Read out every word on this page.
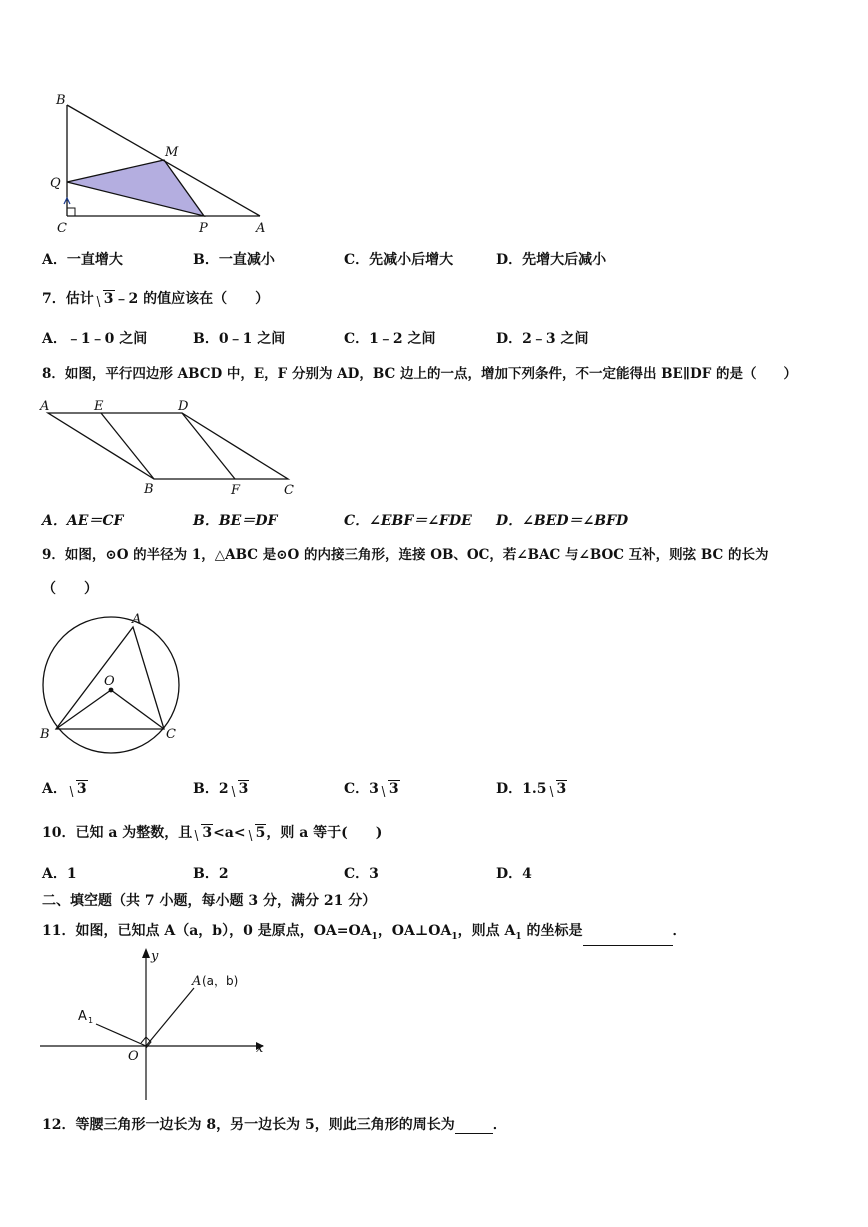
B
M
Q
C	P	A
A．一直增大	B．一直减小	C．先减小后增大	D．先增大后减小
7．估计 3﹣2 的值应该在（　　）
A．﹣1﹣0 之间	B．0﹣1 之间	C．1﹣2 之间	D．2﹣3 之间
8．如图，平行四边形 ABCD 中，E，F 分别为 AD，BC 边上的一点，增加下列条件，不一定能得出 BE∥DF 的是（　　）
A	E	D
B	F	C
A．AE＝CF	B．BE＝DF	C．∠EBF＝∠FDE D．∠BED＝∠BFD
9．如图，⊙O 的半径为 1，△ABC 是⊙O 的内接三角形，连接 OB、OC，若∠BAC 与∠BOC 互补，则弦 BC 的长为
（　　）
A
O
B	C
A． 3	B．2 3	C．3 3	D．1.5 3
10．已知 a 为整数，且 3<a< 5，则 a 等于(　　)
A．1	B．2	C．3	D．4
二、填空题（共 7 小题，每小题 3 分，满分 21 分）
11．如图，已知点 A（a，b），0 是原点，$OA=OA_1$，$OA\perp OA_1$，则点 $A_1$ 的坐标是	．
y
x
O
A (a，b)
A 1
12．等腰三角形一边长为 8，另一边长为 5，则此三角形的周长为	．
